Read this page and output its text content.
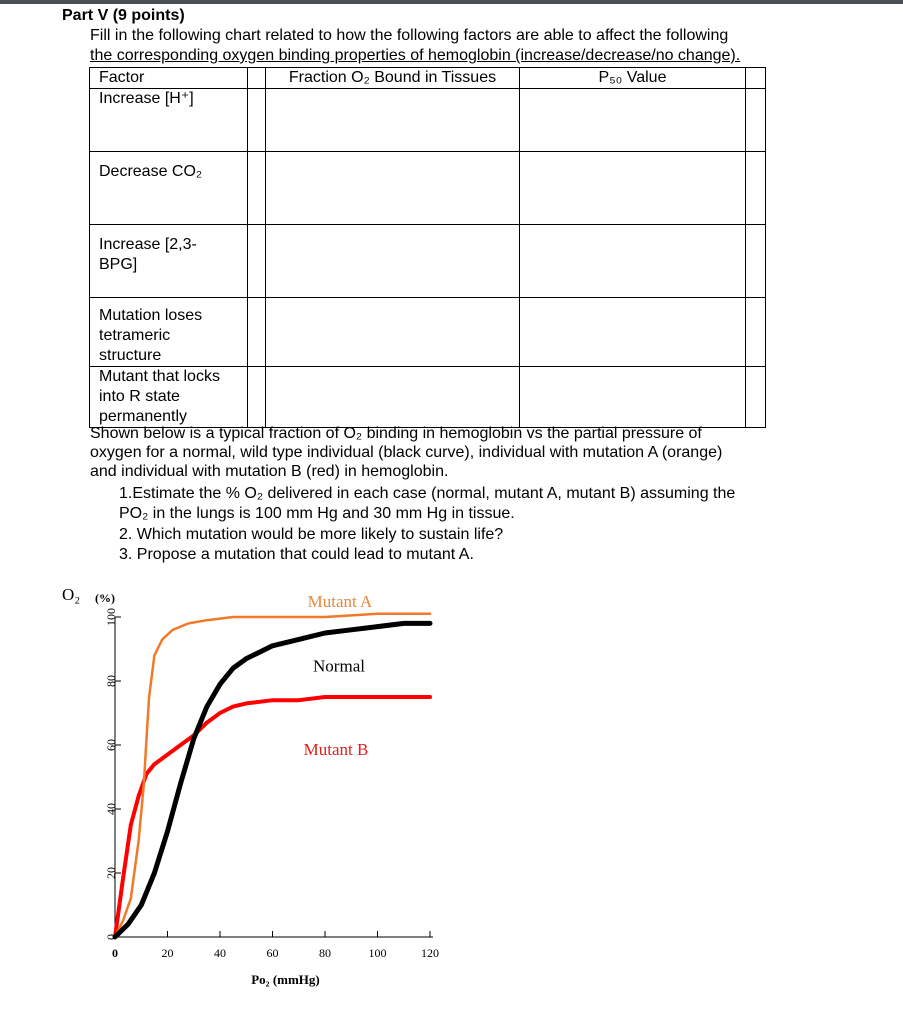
Part V (9 points)
Fill in the following chart related to how the following factors are able to affect the following
the corresponding oxygen binding properties of hemoglobin (increase/decrease/no change).
Factor		Fraction O₂ Bound in Tissues	P₅₀ Value	
Increase [H⁺]				
Decrease CO₂				

Increase [2,3-
BPG]				

Mutation loses
tetrameric
structure				

Mutant that locks
into R state
permanently				

Shown below is a typical fraction of O₂ binding in hemoglobin vs the partial pressure of
oxygen for a normal, wild type individual (black curve), individual with mutation A (orange)
and individual with mutation B (red) in hemoglobin.
1.Estimate the % O₂ delivered in each case (normal, mutant A, mutant B) assuming the
PO₂ in the lungs is 100 mm Hg and 30 mm Hg in tissue.
2. Which mutation would be more likely to sustain life?
3. Propose a mutation that could lead to mutant A.
0
20
40
60
80
100
0	20	40	60	80	100	120
O₂ (%)
Po₂ (mmHg)
Mutant A
Normal
Mutant B
